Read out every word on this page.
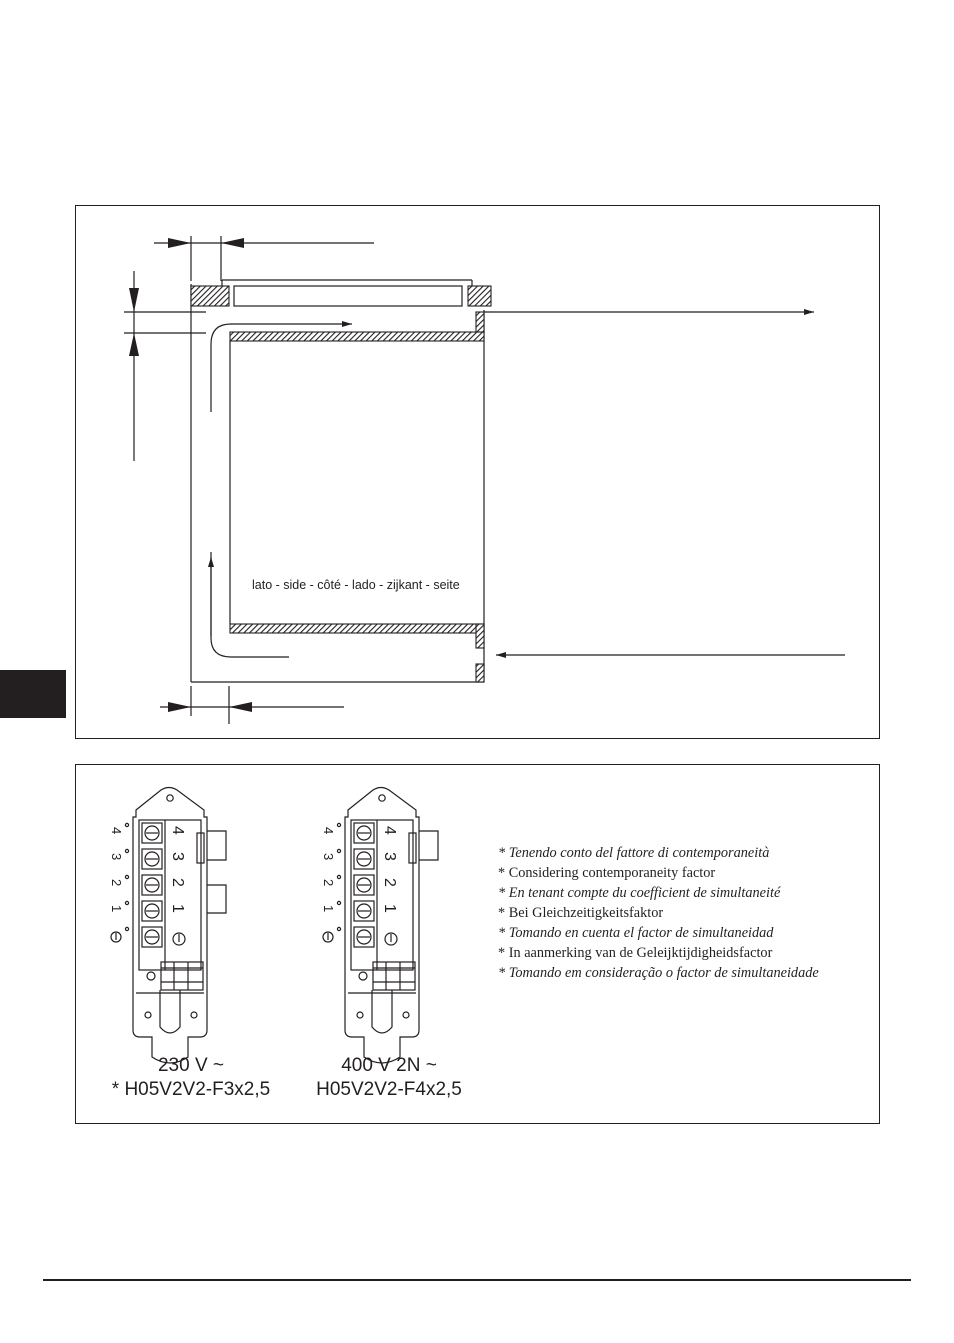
lato - side - côté - lado - zijkant - seite
4	4
3	3
2	2
1	1
4	4
3	3
2	2
1	1
230 V ~
* H05V2V2-F3x2,5
400 V 2N ~
H05V2V2-F4x2,5
* Tenendo conto del fattore di contemporaneità
* Considering contemporaneity factor
* En tenant compte du coefficient de simultaneité
* Bei Gleichzeitigkeitsfaktor
* Tomando en cuenta el factor de simultaneidad
* In aanmerking van de Geleijktijdigheidsfactor
* Tomando em consideração o factor de simultaneidade
